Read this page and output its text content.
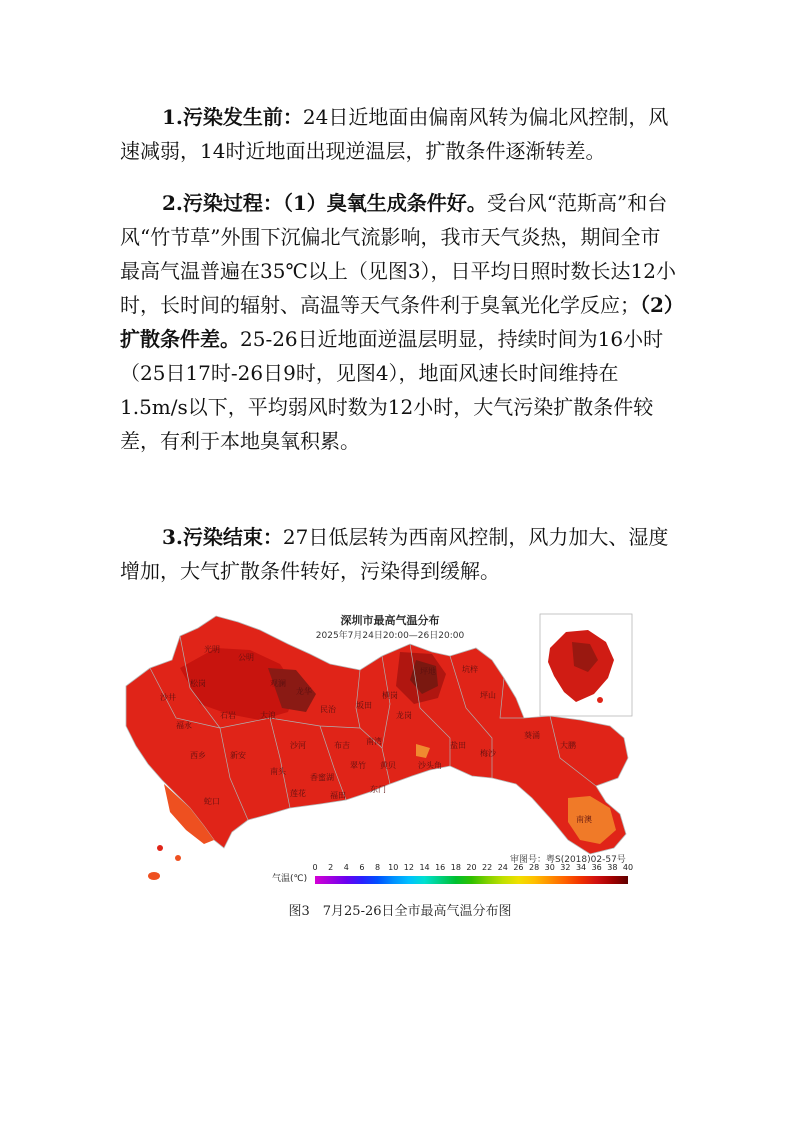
1.污染发生前：24日近地面由偏南风转为偏北风控制，风速减弱，14时近地面出现逆温层，扩散条件逐渐转差。

2.污染过程：（1）臭氧生成条件好。受台风“范斯高”和台风“竹节草”外围下沉偏北气流影响，我市天气炎热，期间全市最高气温普遍在35℃以上（见图3），日平均日照时数长达12小时，长时间的辐射、高温等天气条件利于臭氧光化学反应；（2）扩散条件差。25-26日近地面逆温层明显，持续时间为16小时（25日17时-26日9时，见图4），地面风速长时间维持在1.5m/s以下，平均弱风时数为12小时，大气污染扩散条件较差，有利于本地臭氧积累。

3.污染结束：27日低层转为西南风控制，风力加大、湿度增加，大气扩散条件转好，污染得到缓解。

光明
公明
沙井
松岗	观澜
龙华
福永
石岩	大浪
民治	坂田
坪地	坑梓
龙岗
横岗	坪山
西乡	新安
沙河	布吉 南湾
南头
香蜜湖
翠竹 黄贝	沙头角
盐田
梅沙
葵涌
大鹏
南澳
蛇口
福田
莲花	东门
深圳市最高气温分布
2025年7月24日20:00—26日20:00
审图号：粤S(2018)02-57号
气温(℃)
0 2 4 6 8 10 12 14 16 18 20 22 24 26 28 30 32 34 36 38 40
图3　7月25-26日全市最高气温分布图
